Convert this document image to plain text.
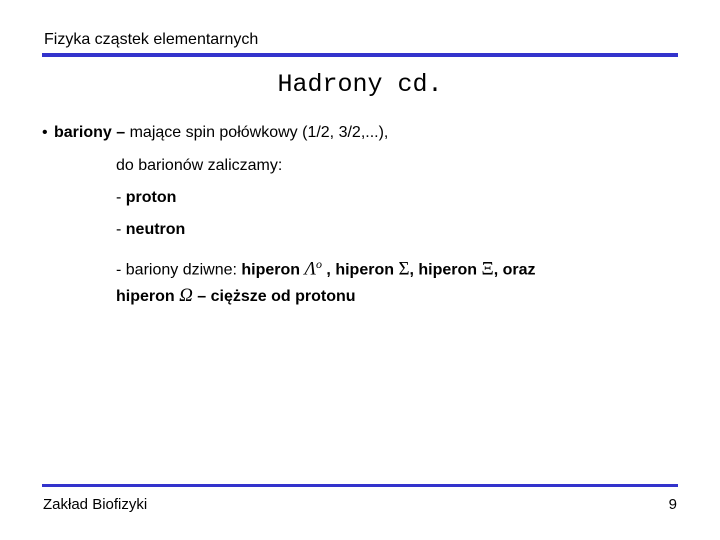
Fizyka cząstek elementarnych
Hadrony cd.
• bariony – mające spin połówkowy (1/2, 3/2,...),
do barionów zaliczamy:
- proton
- neutron
- bariony dziwne: hiperon $\Lambda^o$ , hiperon Σ, hiperon Ξ, oraz
hiperon Ω – cięższe od protonu
Zakład Biofizyki	9
